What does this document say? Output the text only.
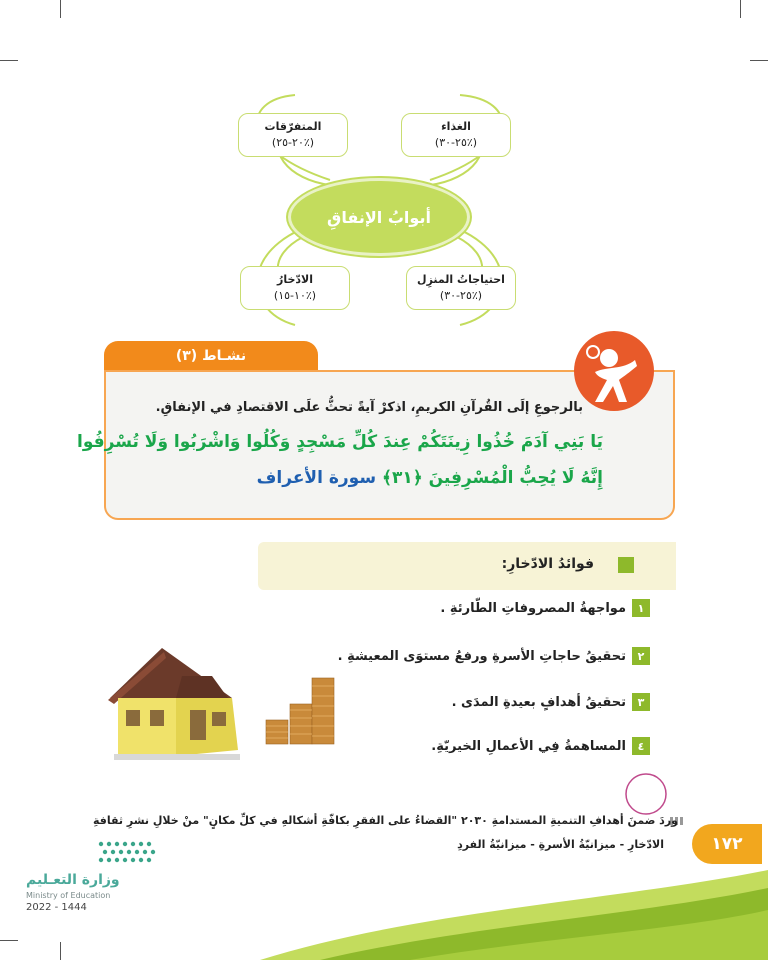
الغذاء
(٢٥-٣٠٪)
المتفرّقات
(٢٠-٢٥٪)
احتياجاتُ المنزِل
(٢٥-٣٠٪)
الادّخارُ
(١٠-١٥٪)
أبوابُ الإنفاقِ
نشـاط (٣)
بالرجوعِ إلَى القُرآنِ الكريمِ، اذكرْ آيةً تحثُّ علَى الاقتصادِ في الإنفاقِ.
يَا بَنِي آدَمَ خُذُوا زِينَتَكُمْ عِندَ كُلِّ مَسْجِدٍ وَكُلُوا وَاشْرَبُوا وَلَا تُسْرِفُوا
إِنَّهُ لَا يُحِبُّ الْمُسْرِفِينَ ﴿٣١﴾ سورة الأعراف
فوائدُ الادّخارِ:
١
مواجهةُ المصروفاتِ الطّارئةِ .
٢
تحقيقُ حاجاتِ الأسرةِ ورفعُ مستوَى المعيشةِ .
٣
تحقيقُ أهدافٍ بعيدةِ المدَى .
٤
المساهمةُ فِي الأعمالِ الخيريّةِ.
وردَ ضمنَ أهدافِ التنميةِ المستدامةِ ٢٠٣٠ "القضاءُ على الفقرِ بكافّةِ أشكالهِ في كلِّ مكانٍ" منْ خلالِ نشرِ ثقافةِ
الادّخارِ - ميزانيّةُ الأسرةِ - ميزانيّةُ الفردِ	١٧٢
وزارة التعـليم
Ministry of Education
2022 - 1444
